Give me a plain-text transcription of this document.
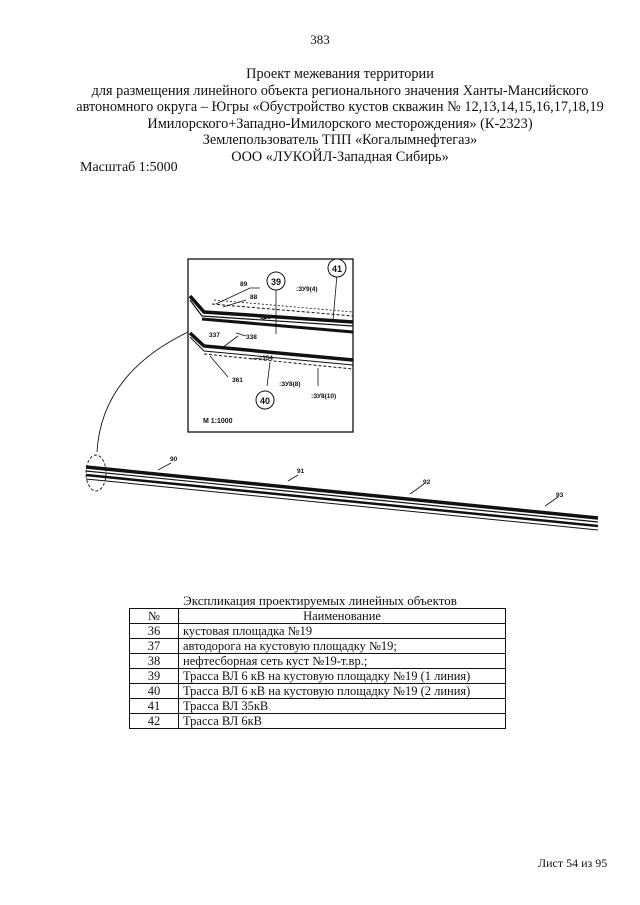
383
Проект межевания территории
для размещения линейного объекта регионального значения Ханты-Мансийского
автономного округа – Югры «Обустройство кустов скважин № 12,13,14,15,16,17,18,19
Имилорского+Западно-Имилорского месторождения» (К-2323)
Землепользователь ТПП «Когалымнефтегаз»
ООО «ЛУКОЙЛ-Западная Сибирь»
Масштаб 1:5000
39
41
40
89
88
328
337	338
354
361
:ЗУ9(4)
:ЗУ8(8)
:ЗУ8(10)
М 1:1000
90
91
92
93
Экспликация проектируемых линейных объектов
№	Наименование
36	кустовая площадка №19
37	автодорога на кустовую площадку №19;
38	нефтесборная сеть куст №19-т.вр.;
39	Трасса ВЛ 6 кВ на кустовую площадку №19 (1 линия)
40	Трасса ВЛ 6 кВ на кустовую площадку №19 (2 линия)
41	Трасса ВЛ 35кВ
42	Трасса ВЛ 6кВ
Лист 54 из 95
